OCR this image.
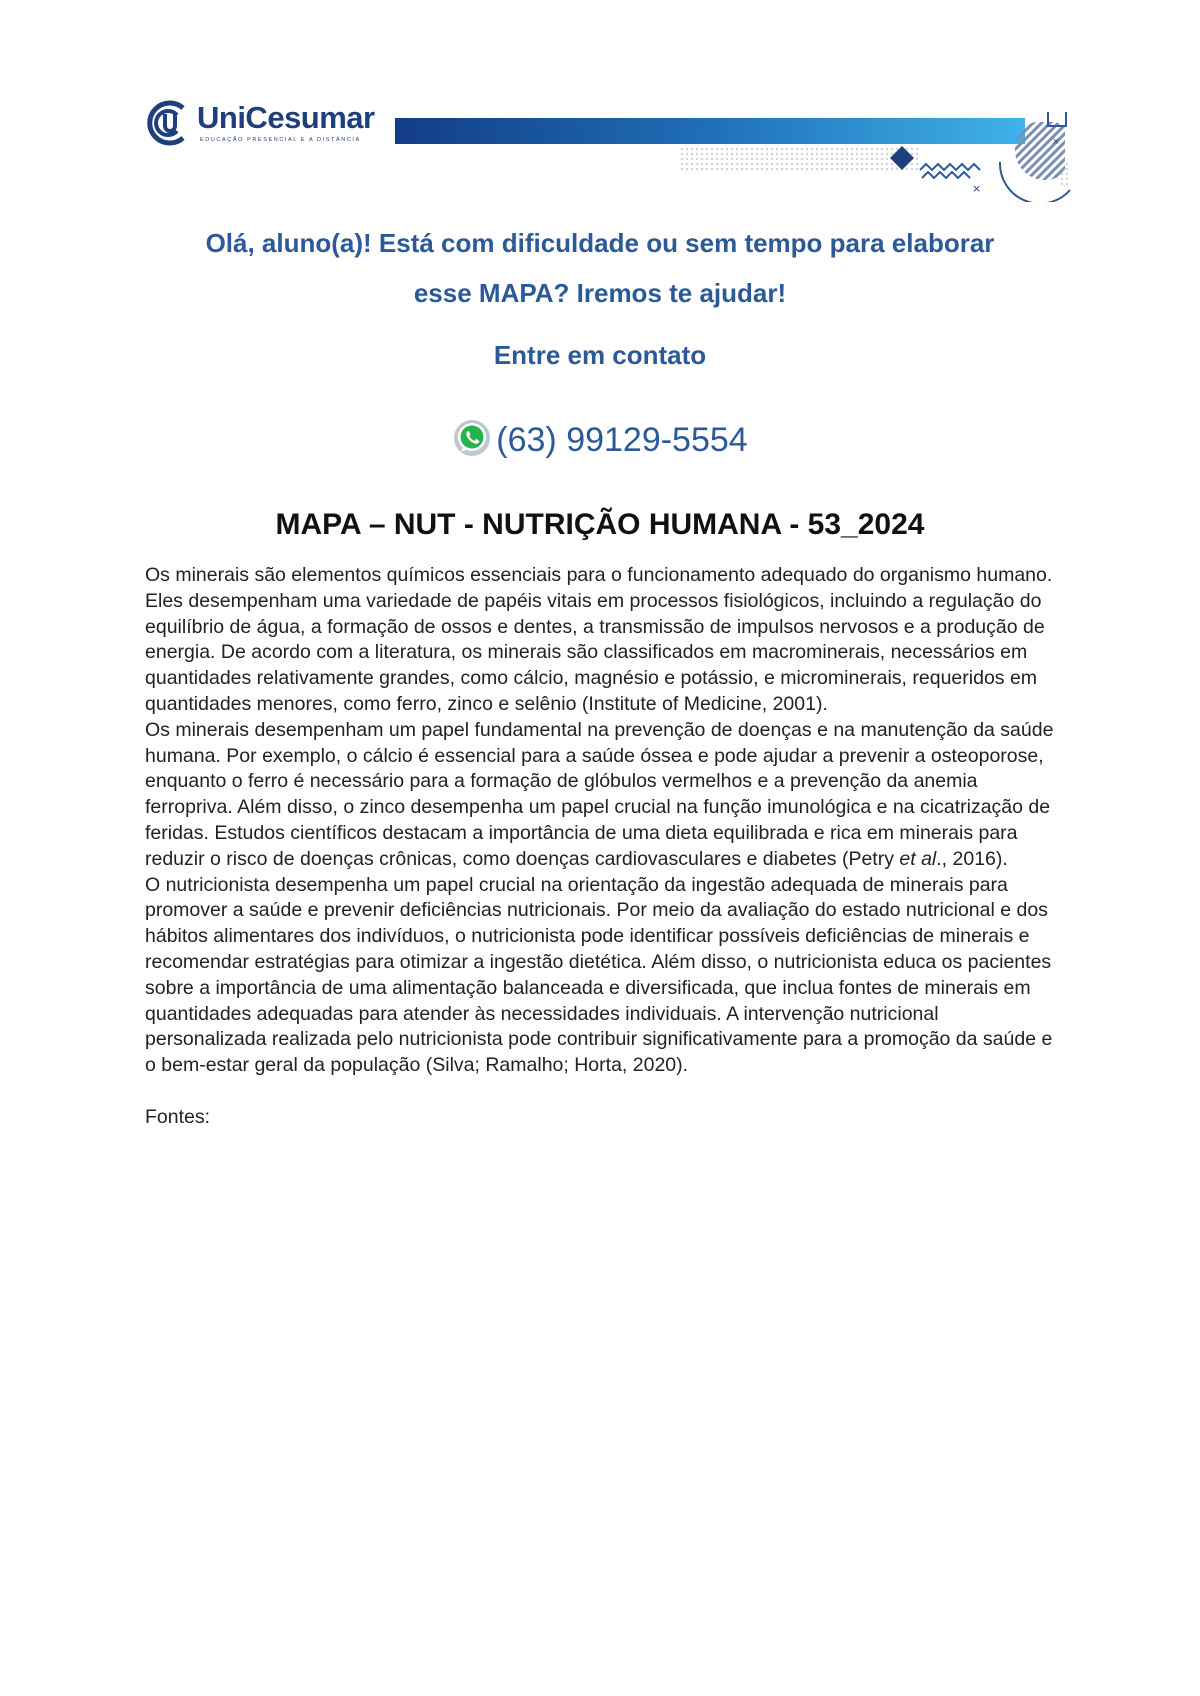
UniCesumar
EDUCAÇÃO PRESENCIAL E A DISTÂNCIA	×
×
Olá, aluno(a)! Está com dificuldade ou sem tempo para elaborar
esse MAPA? Iremos te ajudar!
Entre em contato
(63) 99129-5554
MAPA – NUT - NUTRIÇÃO HUMANA - 53_2024

Os minerais são elementos químicos essenciais para o funcionamento adequado do organismo humano. Eles desempenham uma variedade de papéis vitais em processos fisiológicos, incluindo a regulação do equilíbrio de água, a formação de ossos e dentes, a transmissão de impulsos nervosos e a produção de energia. De acordo com a literatura, os minerais são classificados em macrominerais, necessários em quantidades relativamente grandes, como cálcio, magnésio e potássio, e microminerais, requeridos em quantidades menores, como ferro, zinco e selênio (Institute of Medicine, 2001).

Os minerais desempenham um papel fundamental na prevenção de doenças e na manutenção da saúde humana. Por exemplo, o cálcio é essencial para a saúde óssea e pode ajudar a prevenir a osteoporose, enquanto o ferro é necessário para a formação de glóbulos vermelhos e a prevenção da anemia ferropriva. Além disso, o zinco desempenha um papel crucial na função imunológica e na cicatrização de feridas. Estudos científicos destacam a importância de uma dieta equilibrada e rica em minerais para reduzir o risco de doenças crônicas, como doenças cardiovasculares e diabetes (Petry et al., 2016).

O nutricionista desempenha um papel crucial na orientação da ingestão adequada de minerais para promover a saúde e prevenir deficiências nutricionais. Por meio da avaliação do estado nutricional e dos hábitos alimentares dos indivíduos, o nutricionista pode identificar possíveis deficiências de minerais e recomendar estratégias para otimizar a ingestão dietética. Além disso, o nutricionista educa os pacientes sobre a importância de uma alimentação balanceada e diversificada, que inclua fontes de minerais em quantidades adequadas para atender às necessidades individuais. A intervenção nutricional personalizada realizada pelo nutricionista pode contribuir significativamente para a promoção da saúde e o bem-estar geral da população (Silva; Ramalho; Horta, 2020).

Fontes:
